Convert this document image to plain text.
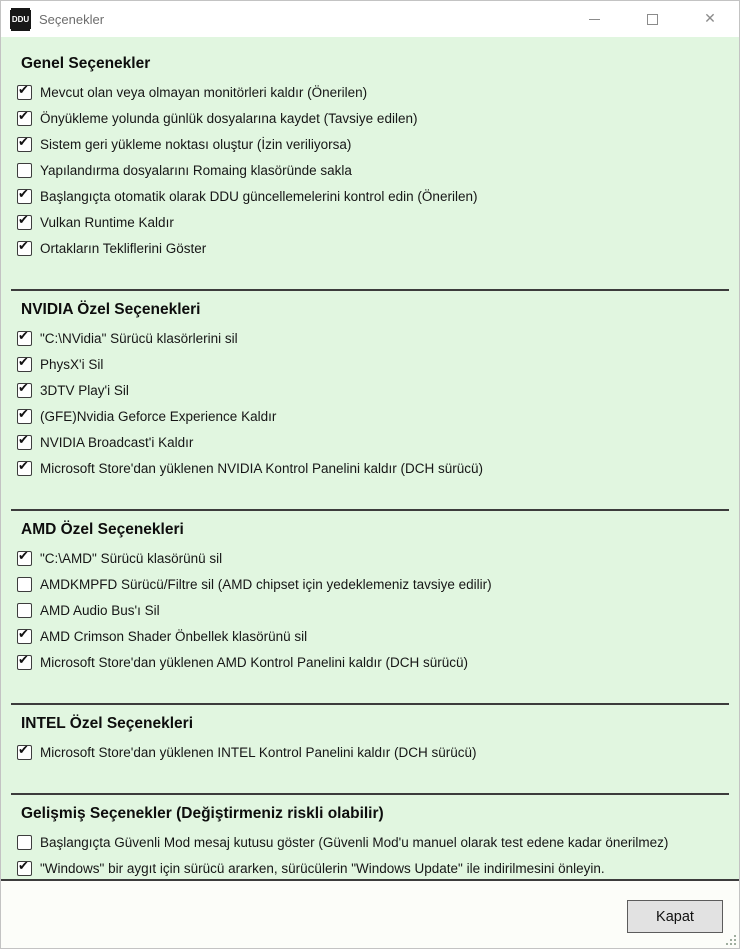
DDU Seçenekler	✕
Genel Seçenekler
✔
Mevcut olan veya olmayan monitörleri kaldır (Önerilen)
✔
Önyükleme yolunda günlük dosyalarına kaydet (Tavsiye edilen)
✔
Sistem geri yükleme noktası oluştur (İzin veriliyorsa)
Yapılandırma dosyalarını Romaing klasöründe sakla
✔
Başlangıçta otomatik olarak DDU güncellemelerini kontrol edin (Önerilen)
✔
Vulkan Runtime Kaldır
✔
Ortakların Tekliflerini Göster
NVIDIA Özel Seçenekleri
✔
"C:\NVidia" Sürücü klasörlerini sil
✔
PhysX'i Sil
✔
3DTV Play'i Sil
✔
(GFE)Nvidia Geforce Experience Kaldır
✔
NVIDIA Broadcast'i Kaldır
✔
Microsoft Store'dan yüklenen NVIDIA Kontrol Panelini kaldır (DCH sürücü)
AMD Özel Seçenekleri
✔
"C:\AMD" Sürücü klasörünü sil
AMDKMPFD Sürücü/Filtre sil (AMD chipset için yedeklemeniz tavsiye edilir)
AMD Audio Bus'ı Sil
✔
AMD Crimson Shader Önbellek klasörünü sil
✔
Microsoft Store'dan yüklenen AMD Kontrol Panelini kaldır (DCH sürücü)
INTEL Özel Seçenekleri
✔
Microsoft Store'dan yüklenen INTEL Kontrol Panelini kaldır (DCH sürücü)
Gelişmiş Seçenekler (Değiştirmeniz riskli olabilir)
Başlangıçta Güvenli Mod mesaj kutusu göster (Güvenli Mod'u manuel olarak test edene kadar önerilmez)
✔
"Windows" bir aygıt için sürücü ararken, sürücülerin "Windows Update" ile indirilmesini önleyin.
Kapat
